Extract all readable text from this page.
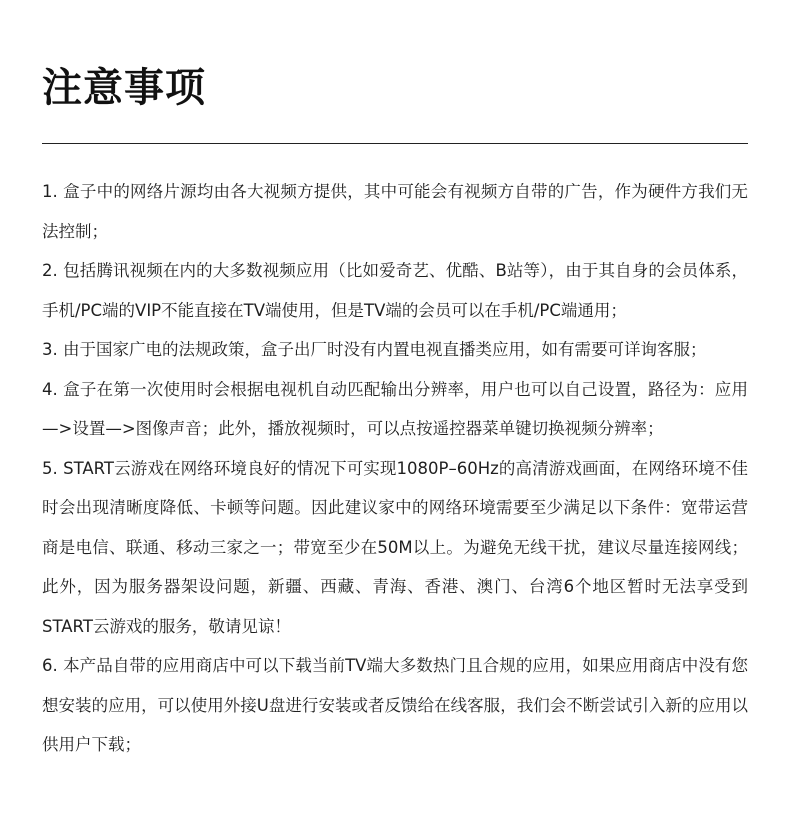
注意事项
1. 盒子中的网络片源均由各大视频方提供，其中可能会有视频方自带的广告，作为硬件方我们无法控制；
2. 包括腾讯视频在内的大多数视频应用（比如爱奇艺、优酷、B站等），由于其自身的会员体系，手机/PC端的VIP不能直接在TV端使用，但是TV端的会员可以在手机/PC端通用；
3. 由于国家广电的法规政策，盒子出厂时没有内置电视直播类应用，如有需要可详询客服；
4. 盒子在第一次使用时会根据电视机自动匹配输出分辨率，用户也可以自己设置，路径为：应用—>设置—>图像声音；此外，播放视频时，可以点按遥控器菜单键切换视频分辨率；
5. START云游戏在网络环境良好的情况下可实现1080P–60Hz的高清游戏画面，在网络环境不佳时会出现清晰度降低、卡顿等问题。因此建议家中的网络环境需要至少满足以下条件：宽带运营商是电信、联通、移动三家之一；带宽至少在50M以上。为避免无线干扰，建议尽量连接网线；此外，因为服务器架设问题，新疆、西藏、青海、香港、澳门、台湾6个地区暂时无法享受到START云游戏的服务，敬请见谅！
6. 本产品自带的应用商店中可以下载当前TV端大多数热门且合规的应用，如果应用商店中没有您想安装的应用，可以使用外接U盘进行安装或者反馈给在线客服，我们会不断尝试引入新的应用以供用户下载；
